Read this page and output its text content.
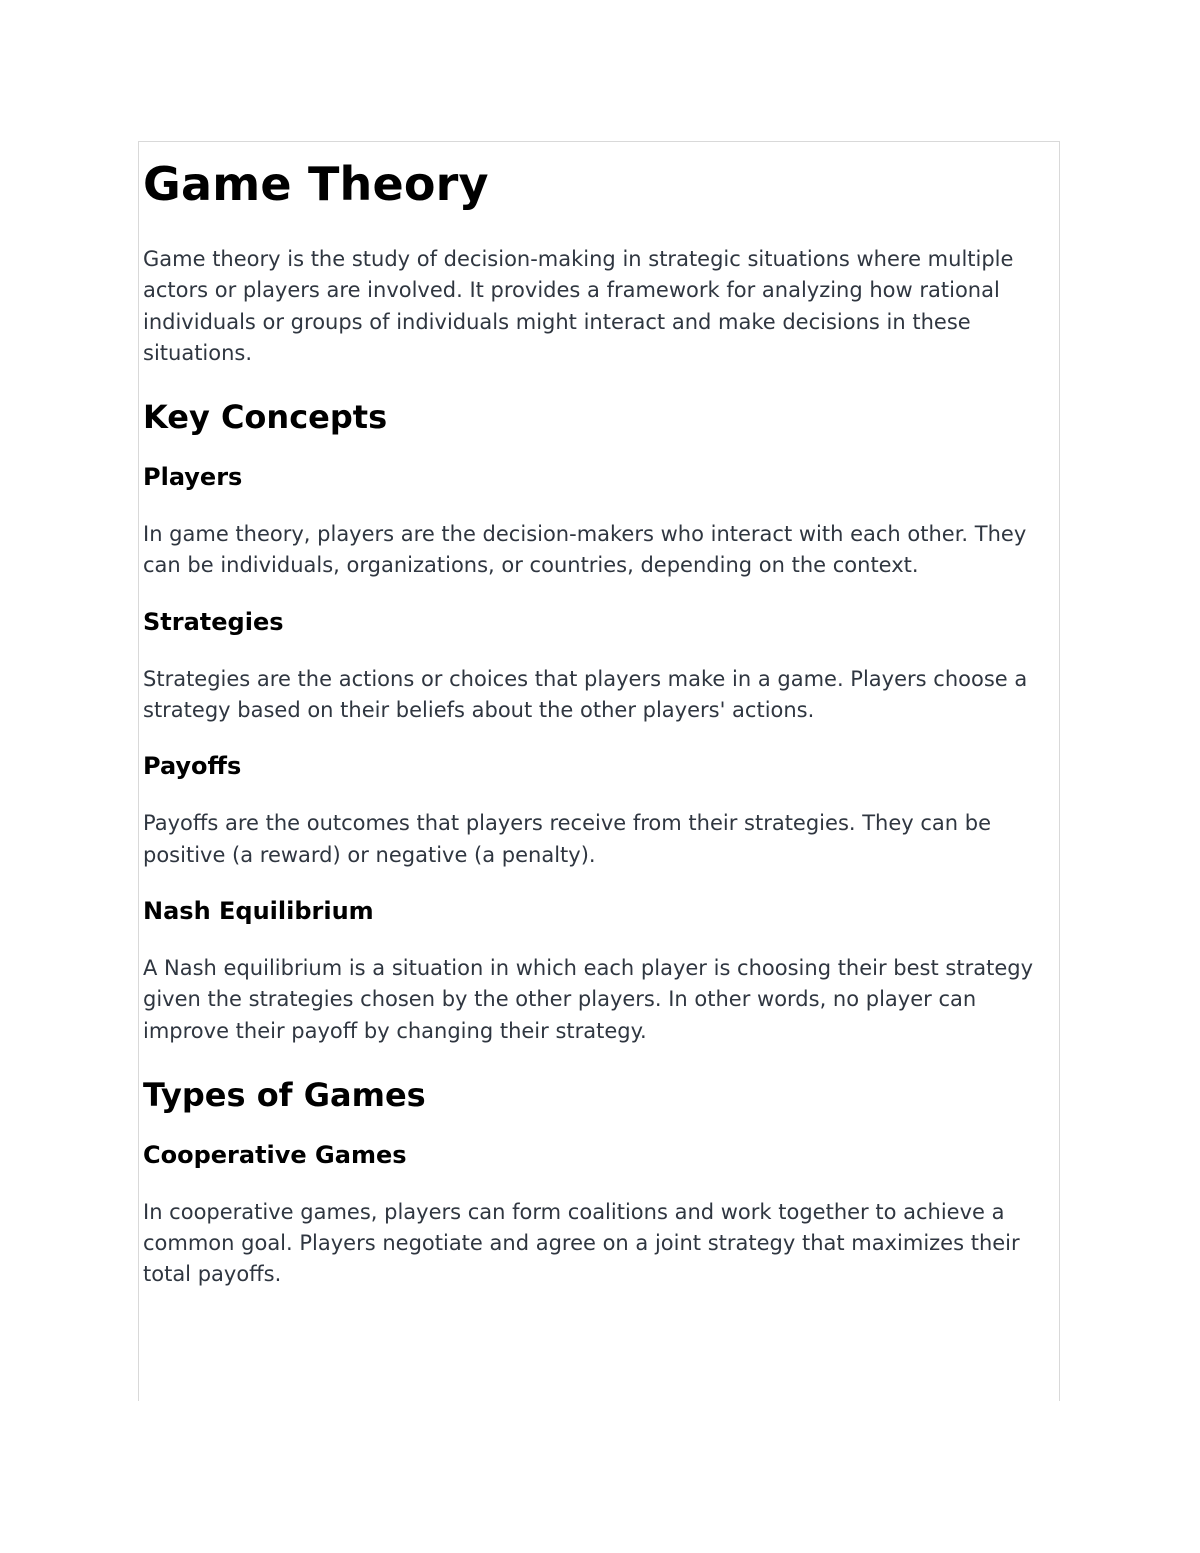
Game Theory

Game theory is the study of decision-making in strategic situations where multiple actors or players are involved. It provides a framework for analyzing how rational individuals or groups of individuals might interact and make decisions in these situations.

Key Concepts
Players

In game theory, players are the decision-makers who interact with each other. They can be individuals, organizations, or countries, depending on the context.

Strategies

Strategies are the actions or choices that players make in a game. Players choose a strategy based on their beliefs about the other players' actions.

Payoffs

Payoffs are the outcomes that players receive from their strategies. They can be positive (a reward) or negative (a penalty).

Nash Equilibrium

A Nash equilibrium is a situation in which each player is choosing their best strategy given the strategies chosen by the other players. In other words, no player can improve their payoff by changing their strategy.

Types of Games
Cooperative Games

In cooperative games, players can form coalitions and work together to achieve a common goal. Players negotiate and agree on a joint strategy that maximizes their total payoffs.
